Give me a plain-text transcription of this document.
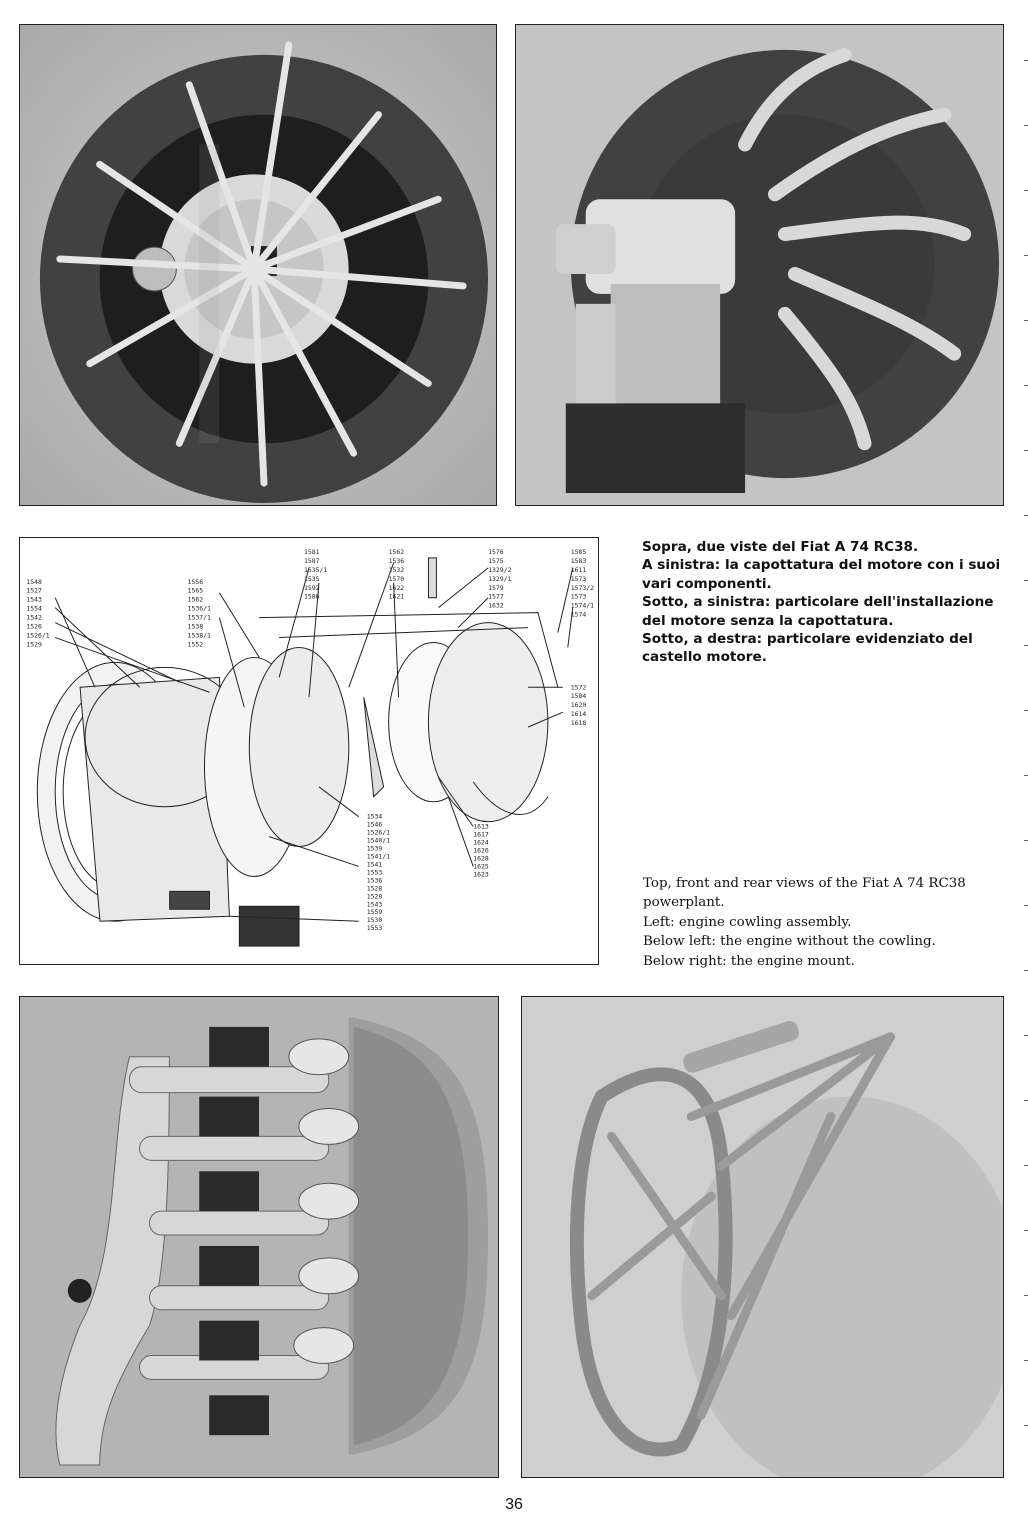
1548
1527
1543
1554
1542
1526
1526/1
1529
1556
1565
1562
1536/1
1537/1
1538
1538/1
1552
1581
1587
1535/1
1535
1592
1586
1562
1536
1532
1570
1622
1621
1576
1575
1329/2
1329/1
1579
1577
1632
1585
1583
1611
1573
1573/2
1573
1574/1
1574
1572
1584
1620
1614
1618
1534
1546
1526/1
1540/1
1539
1541/1
1541
1553
1536
1528
1528
1543
1559
1530
1553
1613
1617
1624
1626
1628
1625
1623
Sopra, due viste del Fiat A 74 RC38.
A sinistra: la capottatura del motore con i suoi
vari componenti.
Sotto, a sinistra: particolare dell'installazione
del motore senza la capottatura.
Sotto, a destra: particolare evidenziato del
castello motore.
Top, front and rear views of the Fiat A 74 RC38
powerplant.
Left: engine cowling assembly.
Below left: the engine without the cowling.
Below right: the engine mount.
36
